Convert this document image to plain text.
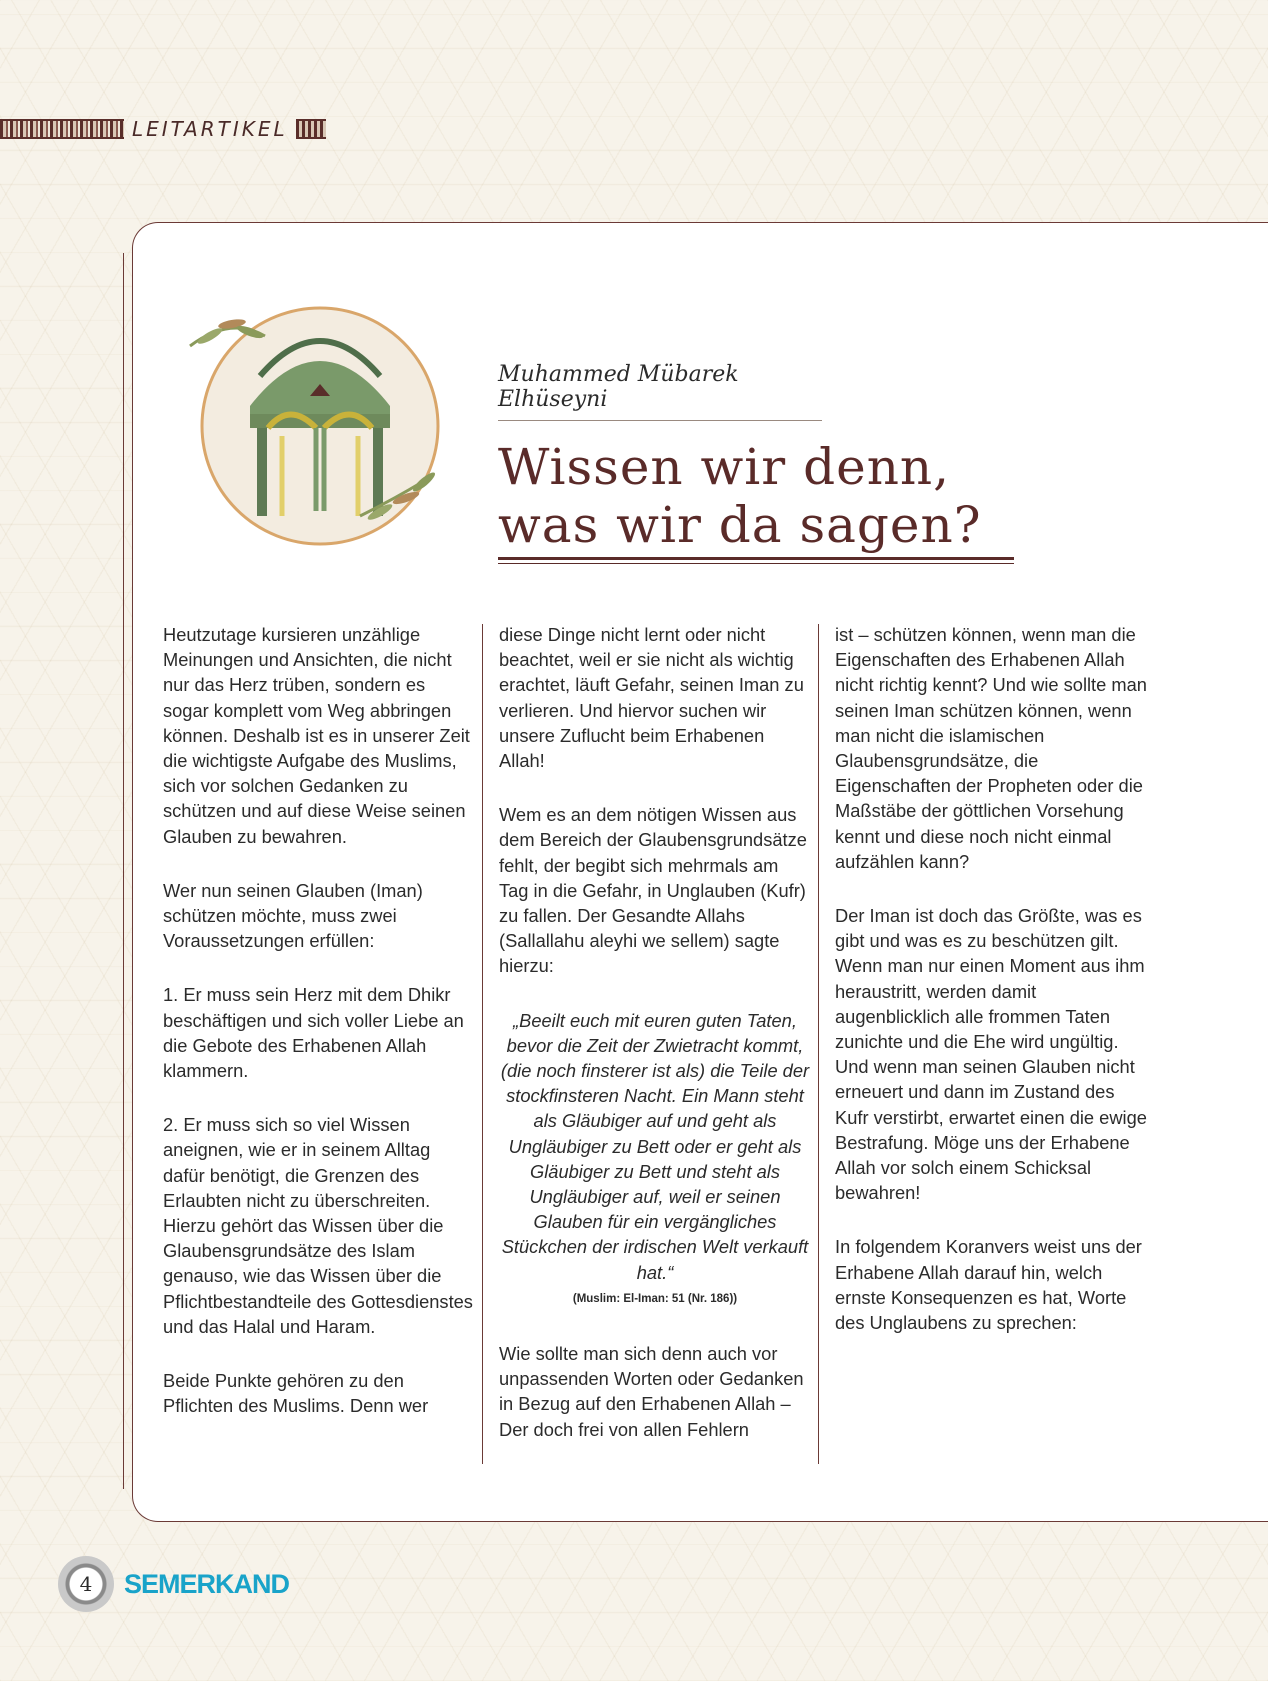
LEITARTIKEL
Muhammed Mübarek Elhüseyni
Wissen wir denn, was wir da sagen?

Heutzutage kursieren unzählige Meinungen und Ansichten, die nicht nur das Herz trüben, sondern es sogar komplett vom Weg abbringen können. Deshalb ist es in unserer Zeit die wichtigste Aufgabe des Muslims, sich vor solchen Gedanken zu schützen und auf diese Weise seinen Glauben zu bewahren.

Wer nun seinen Glauben (Iman) schützen möchte, muss zwei Voraussetzungen erfüllen:

1. Er muss sein Herz mit dem Dhikr beschäftigen und sich voller Liebe an die Gebote des Erhabenen Allah klammern.

2. Er muss sich so viel Wissen aneignen, wie er in seinem Alltag dafür benötigt, die Grenzen des Erlaubten nicht zu überschreiten. Hierzu gehört das Wissen über die Glaubensgrundsätze des Islam genauso, wie das Wissen über die Pflichtbestandteile des Gottesdienstes und das Halal und Haram.

Beide Punkte gehören zu den Pflichten des Muslims. Denn wer

diese Dinge nicht lernt oder nicht beachtet, weil er sie nicht als wichtig erachtet, läuft Gefahr, seinen Iman zu verlieren. Und hiervor suchen wir unsere Zuflucht beim Erhabenen Allah!

Wem es an dem nötigen Wissen aus dem Bereich der Glaubensgrundsätze fehlt, der begibt sich mehrmals am Tag in die Gefahr, in Unglauben (Kufr) zu fallen. Der Gesandte Allahs (Sallallahu aleyhi we sellem) sagte hierzu:

„Beeilt euch mit euren guten Taten, bevor die Zeit der Zwietracht kommt, (die noch finsterer ist als) die Teile der stockfinsteren Nacht. Ein Mann steht als Gläubiger auf und geht als Ungläubiger zu Bett oder er geht als Gläubiger zu Bett und steht als Ungläubiger auf, weil er seinen Glauben für ein vergängliches Stückchen der irdischen Welt verkauft hat.“

(Muslim: El-Iman: 51 (Nr. 186))

Wie sollte man sich denn auch vor unpassenden Worten oder Gedanken in Bezug auf den Erhabenen Allah – Der doch frei von allen Fehlern

ist – schützen können, wenn man die Eigenschaften des Erhabenen Allah nicht richtig kennt? Und wie sollte man seinen Iman schützen können, wenn man nicht die islamischen Glaubensgrundsätze, die Eigenschaften der Propheten oder die Maßstäbe der göttlichen Vorsehung kennt und diese noch nicht einmal aufzählen kann?

Der Iman ist doch das Größte, was es gibt und was es zu beschützen gilt. Wenn man nur einen Moment aus ihm heraustritt, werden damit augenblicklich alle frommen Taten zunichte und die Ehe wird ungültig. Und wenn man seinen Glauben nicht erneuert und dann im Zustand des Kufr verstirbt, erwartet einen die ewige Bestrafung. Möge uns der Erhabene Allah vor solch einem Schicksal bewahren!

In folgendem Koranvers weist uns der Erhabene Allah darauf hin, welch ernste Konsequenzen es hat, Worte des Unglaubens zu sprechen:

4 SEMERKAND
